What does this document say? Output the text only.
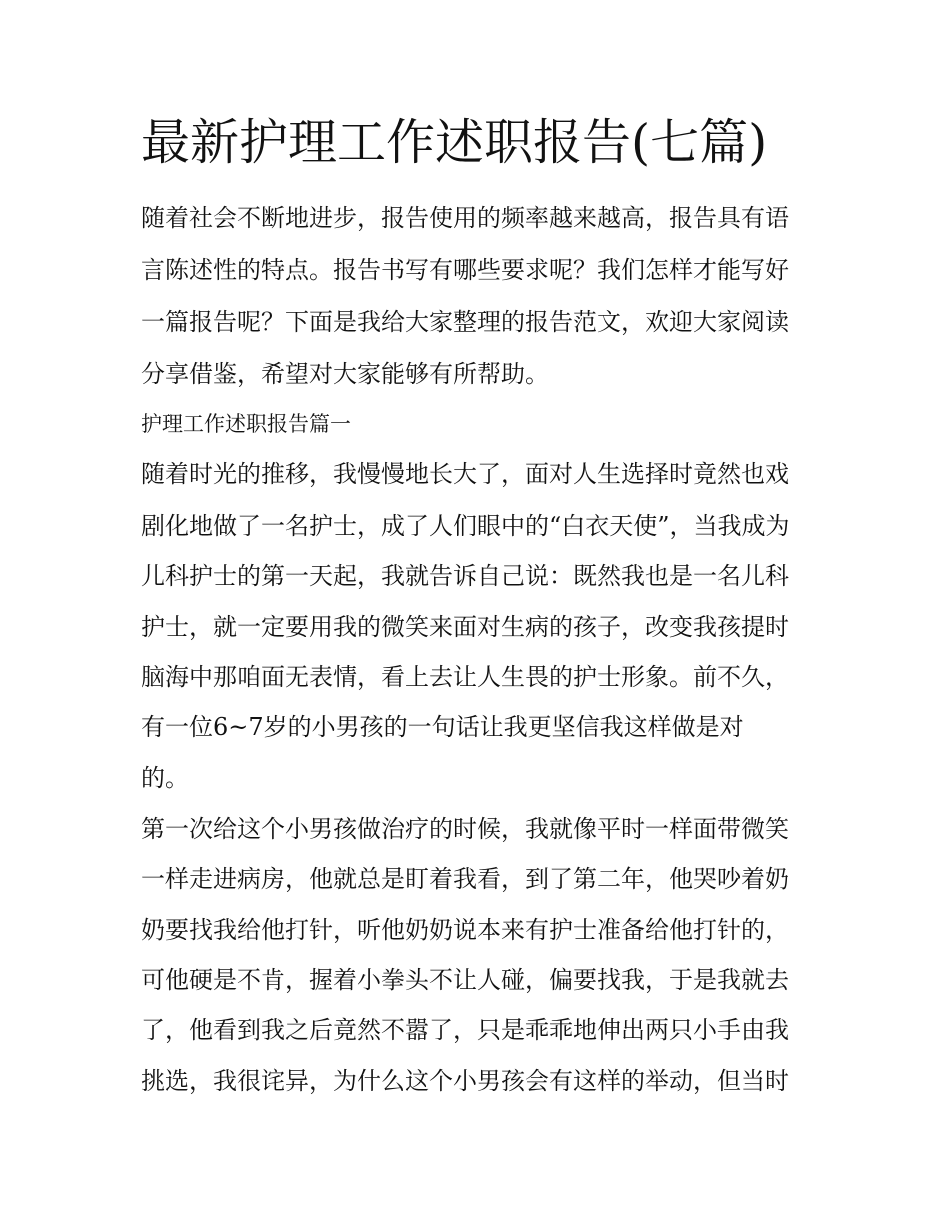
最新护理工作述职报告(七篇)

随着社会不断地进步，报告使用的频率越来越高，报告具有语

言陈述性的特点。报告书写有哪些要求呢？我们怎样才能写好

一篇报告呢？下面是我给大家整理的报告范文，欢迎大家阅读

分享借鉴，希望对大家能够有所帮助。

护理工作述职报告篇一

随着时光的推移，我慢慢地长大了，面对人生选择时竟然也戏

剧化地做了一名护士，成了人们眼中的“白衣天使”，当我成为

儿科护士的第一天起，我就告诉自己说：既然我也是一名儿科

护士，就一定要用我的微笑来面对生病的孩子，改变我孩提时

脑海中那咱面无表情，看上去让人生畏的护士形象。前不久，

有一位6~7岁的小男孩的一句话让我更坚信我这样做是对

的。

第一次给这个小男孩做治疗的时候，我就像平时一样面带微笑

一样走进病房，他就总是盯着我看，到了第二年，他哭吵着奶

奶要找我给他打针，听他奶奶说本来有护士准备给他打针的，

可他硬是不肯，握着小拳头不让人碰，偏要找我，于是我就去

了，他看到我之后竟然不嚣了，只是乖乖地伸出两只小手由我

挑选，我很诧异，为什么这个小男孩会有这样的举动，但当时
